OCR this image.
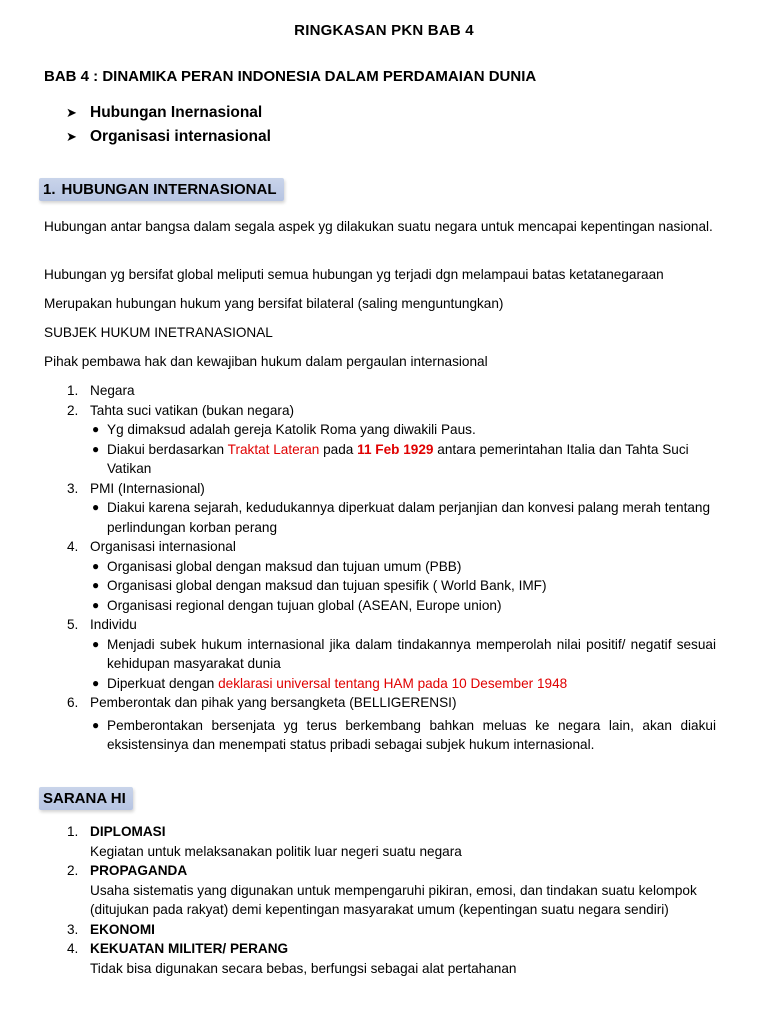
RINGKASAN PKN BAB 4
BAB 4 : DINAMIKA PERAN INDONESIA DALAM PERDAMAIAN DUNIA
➤ Hubungan Inernasional
➤ Organisasi internasional
1. HUBUNGAN INTERNASIONAL

Hubungan antar bangsa dalam segala aspek yg dilakukan suatu negara untuk mencapai kepentingan nasional.

Hubungan yg bersifat global meliputi semua hubungan yg terjadi dgn melampaui batas ketatanegaraan

Merupakan hubungan hukum yang bersifat bilateral (saling menguntungkan)

SUBJEK HUKUM INETRANASIONAL

Pihak pembawa hak dan kewajiban hukum dalam pergaulan internasional

1. Negara
2. Tahta suci vatikan (bukan negara)
● Yg dimaksud adalah gereja Katolik Roma yang diwakili Paus.
● Diakui berdasarkan Traktat Lateran pada 11 Feb 1929 antara pemerintahan Italia dan Tahta Suci Vatikan
3. PMI (Internasional)
● Diakui karena sejarah, kedudukannya diperkuat dalam perjanjian dan konvesi palang merah tentang perlindungan korban perang
4. Organisasi internasional
● Organisasi global dengan maksud dan tujuan umum (PBB)
● Organisasi global dengan maksud dan tujuan spesifik ( World Bank, IMF)
● Organisasi regional dengan tujuan global (ASEAN, Europe union)
5. Individu
● Menjadi subek hukum internasional jika dalam tindakannya memperolah nilai positif/ negatif sesuai kehidupan masyarakat dunia
● Diperkuat dengan deklarasi universal tentang HAM pada 10 Desember 1948
6. Pemberontak dan pihak yang bersangketa (BELLIGERENSI)
● Pemberontakan bersenjata yg terus berkembang bahkan meluas ke negara lain, akan diakui eksistensinya dan menempati status pribadi sebagai subjek hukum internasional.
SARANA HI
1. DIPLOMASI
Kegiatan untuk melaksanakan politik luar negeri suatu negara
2. PROPAGANDA
Usaha sistematis yang digunakan untuk mempengaruhi pikiran, emosi, dan tindakan suatu kelompok (ditujukan pada rakyat) demi kepentingan masyarakat umum (kepentingan suatu negara sendiri)
3. EKONOMI
4. KEKUATAN MILITER/ PERANG
Tidak bisa digunakan secara bebas, berfungsi sebagai alat pertahanan
